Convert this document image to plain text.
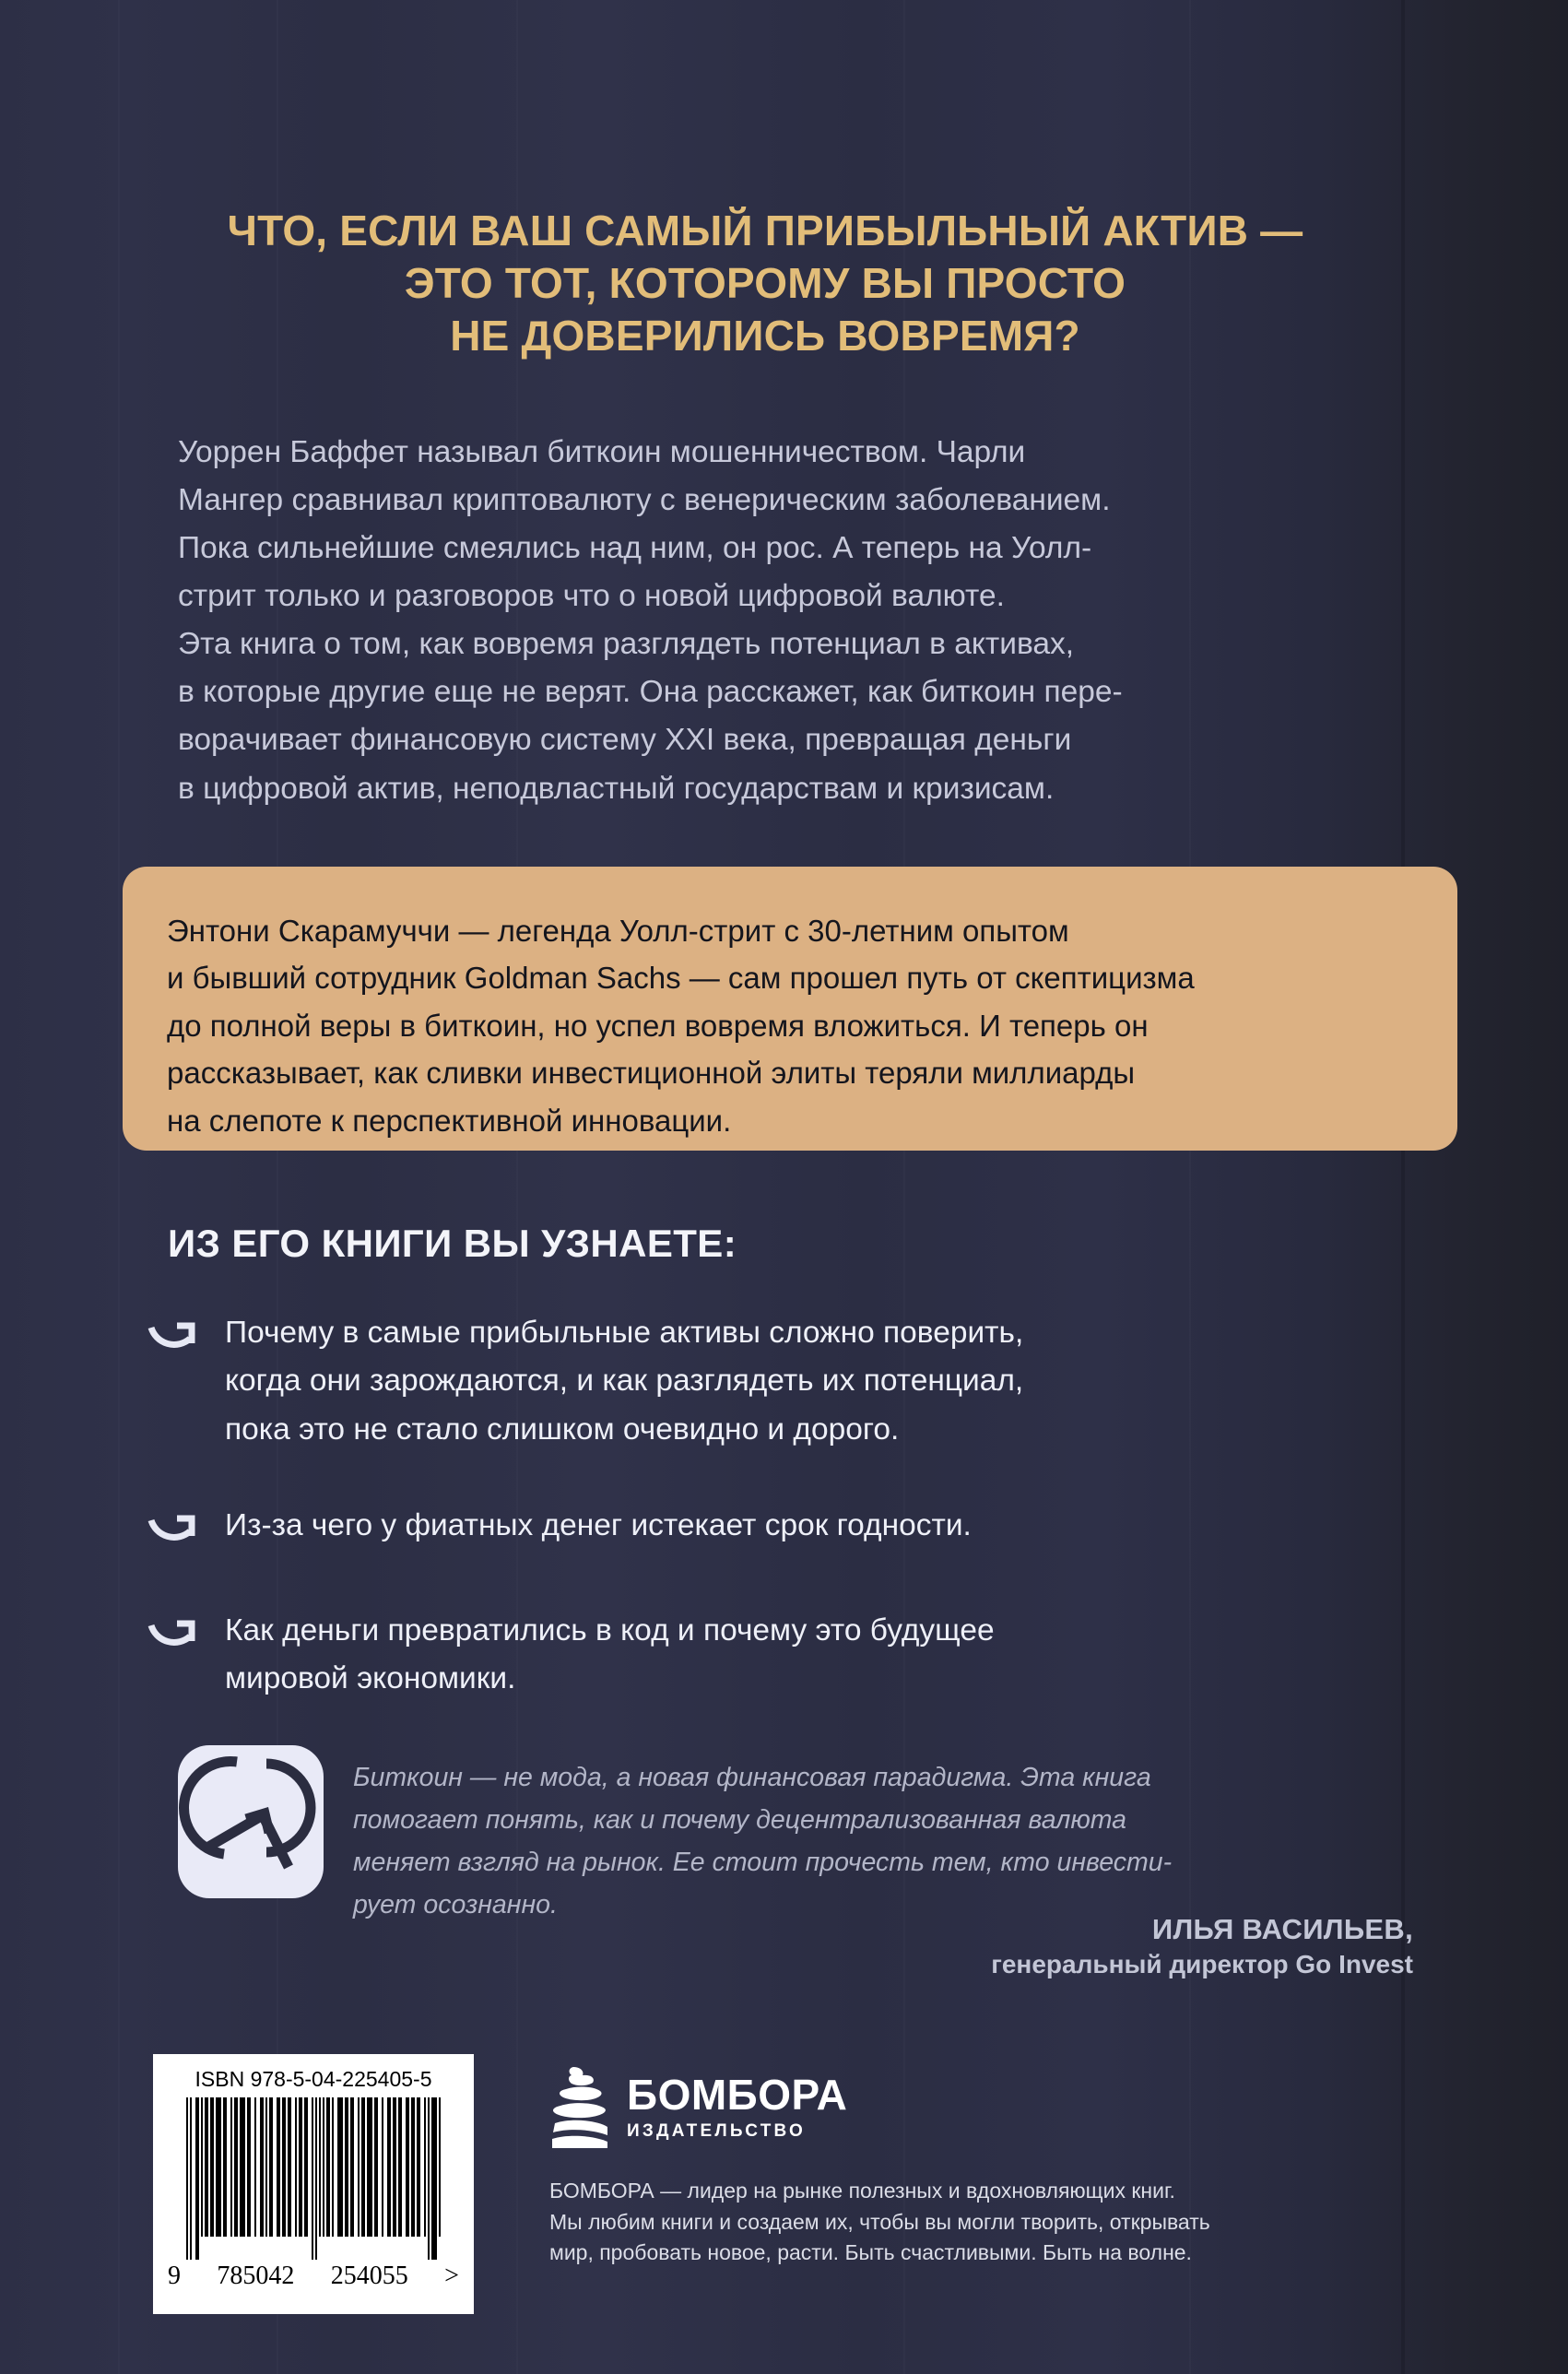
ЧТО, ЕСЛИ ВАШ САМЫЙ ПРИБЫЛЬНЫЙ АКТИВ —
ЭТО ТОТ, КОТОРОМУ ВЫ ПРОСТО
НЕ ДОВЕРИЛИСЬ ВОВРЕМЯ?
Уоррен Баффет называл биткоин мошенничеством. Чарли
Мангер сравнивал криптовалюту с венерическим заболеванием.
Пока сильнейшие смеялись над ним, он рос. А теперь на Уолл-
стрит только и разговоров что о новой цифровой валюте.
Эта книга о том, как вовремя разглядеть потенциал в активах,
в которые другие еще не верят. Она расскажет, как биткоин пере-
ворачивает финансовую систему XXI века, превращая деньги
в цифровой актив, неподвластный государствам и кризисам.
Энтони Скарамуччи — легенда Уолл-стрит с 30-летним опытом
и бывший сотрудник Goldman Sachs — сам прошел путь от скептицизма
до полной веры в биткоин, но успел вовремя вложиться. И теперь он
рассказывает, как сливки инвестиционной элиты теряли миллиарды
на слепоте к перспективной инновации.
ИЗ ЕГО КНИГИ ВЫ УЗНАЕТЕ:
Почему в самые прибыльные активы сложно поверить,
когда они зарождаются, и как разглядеть их потенциал,
пока это не стало слишком очевидно и дорого.
Из-за чего у фиатных денег истекает срок годности.
Как деньги превратились в код и почему это будущее
мировой экономики.
Биткоин — не мода, а новая финансовая парадигма. Эта книга
помогает понять, как и почему децентрализованная валюта
меняет взгляд на рынок. Ее стоит прочесть тем, кто инвести-
рует осознанно.
ИЛЬЯ ВАСИЛЬЕВ,
генеральный директор Go Invest
ISBN 978-5-04-225405-5
9 785042 254055 >
БОМБОРА
ИЗДАТЕЛЬСТВО
БОМБОРА — лидер на рынке полезных и вдохновляющих книг.
Мы любим книги и создаем их, чтобы вы могли творить, открывать
мир, пробовать новое, расти. Быть счастливыми. Быть на волне.
